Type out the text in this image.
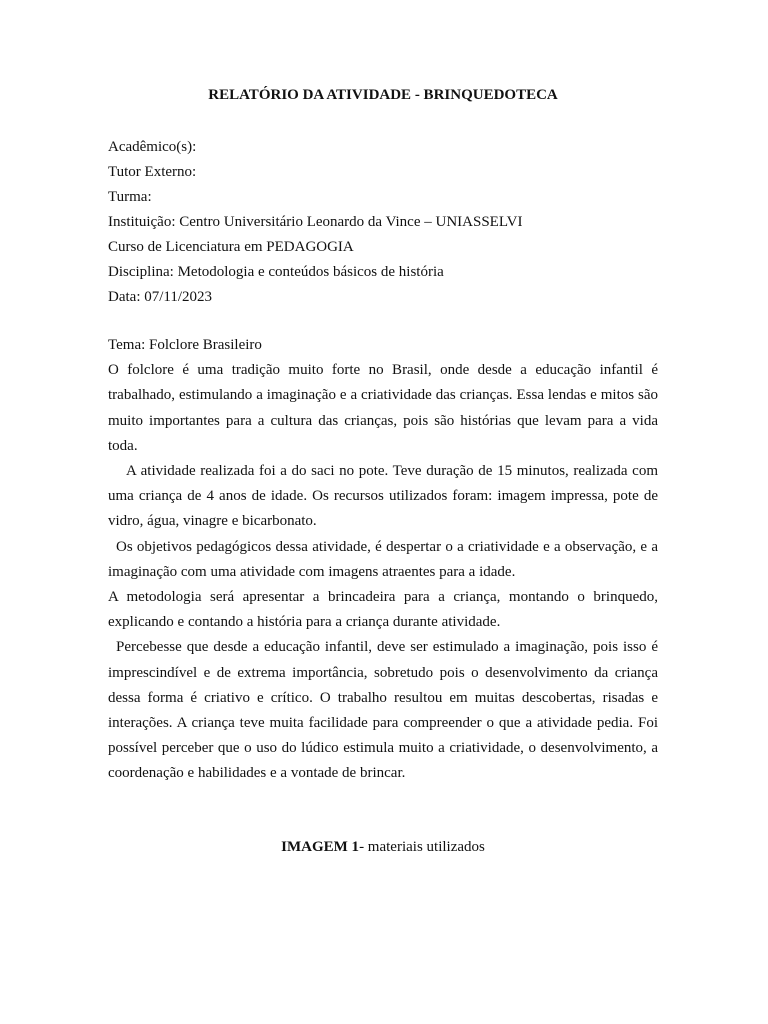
RELATÓRIO DA ATIVIDADE - BRINQUEDOTECA
Acadêmico(s):
Tutor Externo:
Turma:
Instituição: Centro Universitário Leonardo da Vince – UNIASSELVI
Curso de Licenciatura em PEDAGOGIA
Disciplina: Metodologia e conteúdos básicos de história
Data: 07/11/2023

Tema: Folclore Brasileiro

O folclore é uma tradição muito forte no Brasil, onde desde a educação infantil é trabalhado, estimulando a imaginação e a criatividade das crianças. Essa lendas e mitos são muito importantes para a cultura das crianças, pois são histórias que levam para a vida toda.

A atividade realizada foi a do saci no pote. Teve duração de 15 minutos, realizada com uma criança de 4 anos de idade. Os recursos utilizados foram: imagem impressa, pote de vidro, água, vinagre e bicarbonato.

Os objetivos pedagógicos dessa atividade, é despertar o a criatividade e a observação, e a imaginação com uma atividade com imagens atraentes para a idade.

A metodologia será apresentar a brincadeira para a criança, montando o brinquedo, explicando e contando a história para a criança durante atividade.

Percebesse que desde a educação infantil, deve ser estimulado a imaginação, pois isso é imprescindível e de extrema importância, sobretudo pois o desenvolvimento da criança dessa forma é criativo e crítico. O trabalho resultou em muitas descobertas, risadas e interações. A criança teve muita facilidade para compreender o que a atividade pedia. Foi possível perceber que o uso do lúdico estimula muito a criatividade, o desenvolvimento, a coordenação e habilidades e a vontade de brincar.

IMAGEM 1- materiais utilizados
